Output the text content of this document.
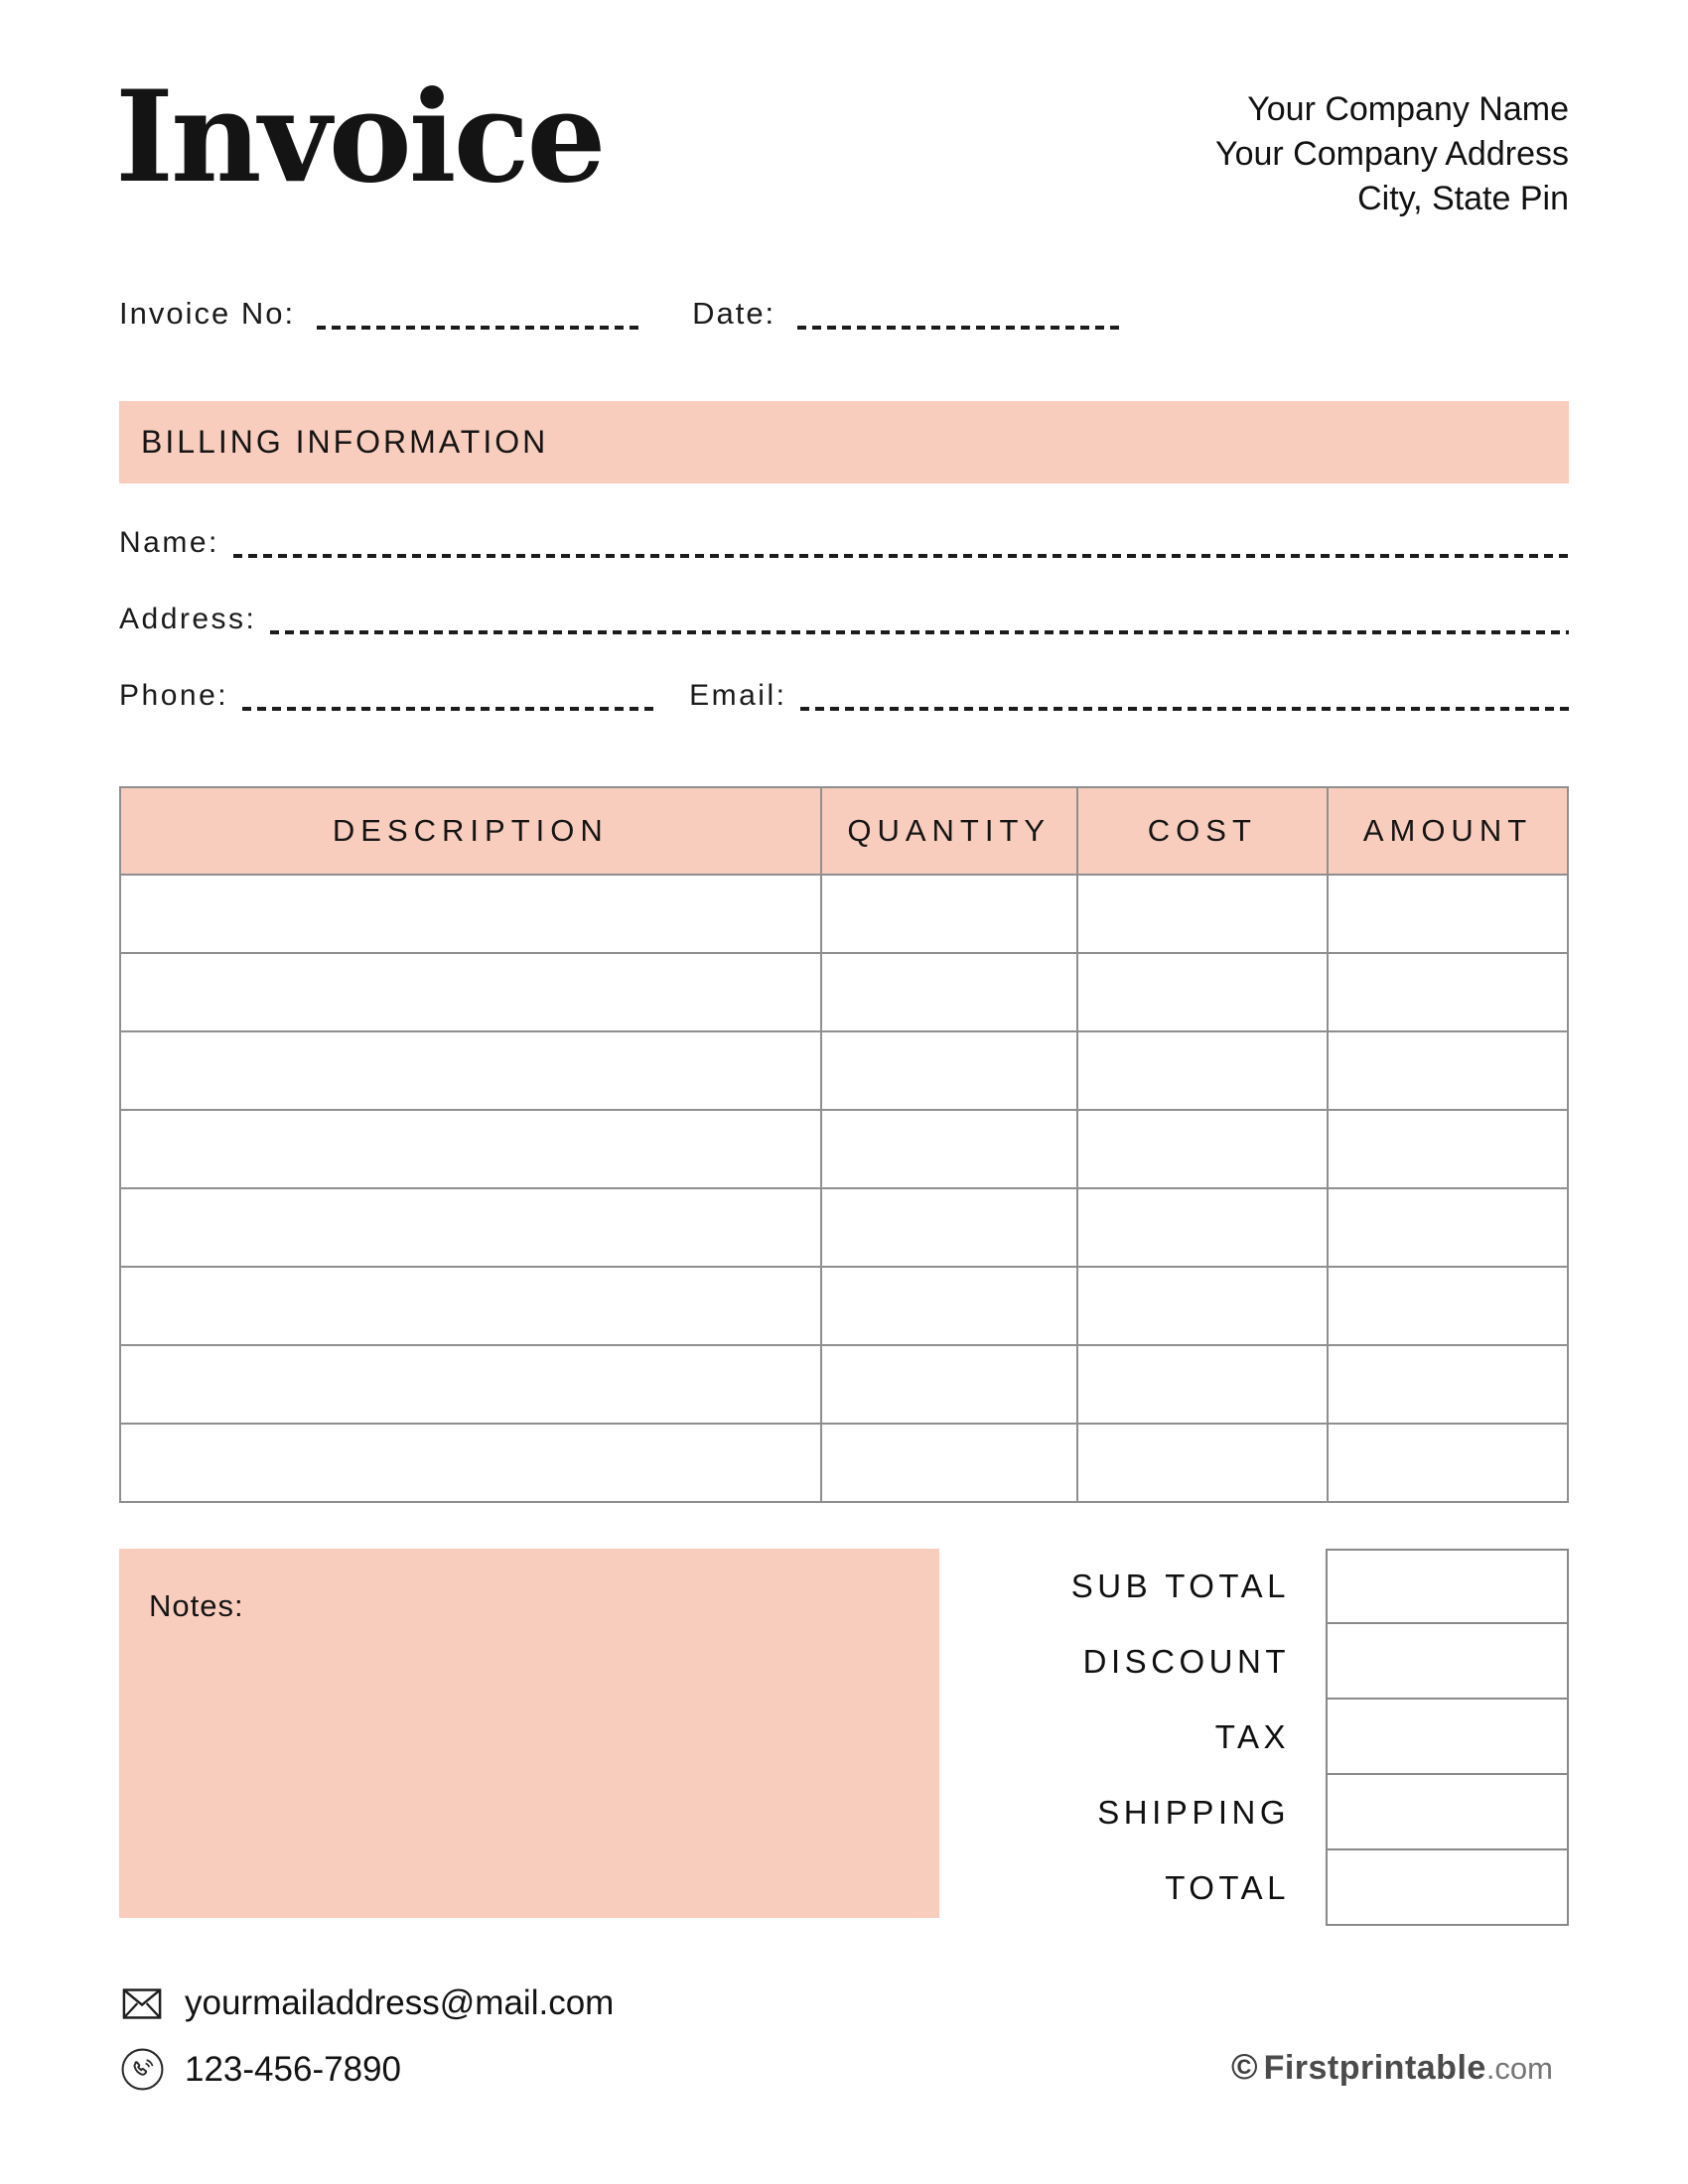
Invoice	Your Company Name
Your Company Address
City, State Pin
Invoice No:	Date:
BILLING INFORMATION
Name:
Address:
Phone:	Email:
DESCRIPTION	QUANTITY	COST	AMOUNT

Notes:
SUB TOTAL
DISCOUNT
TAX
SHIPPING
TOTAL
yourmailaddress@mail.com
123-456-7890	© Firstprintable .com
